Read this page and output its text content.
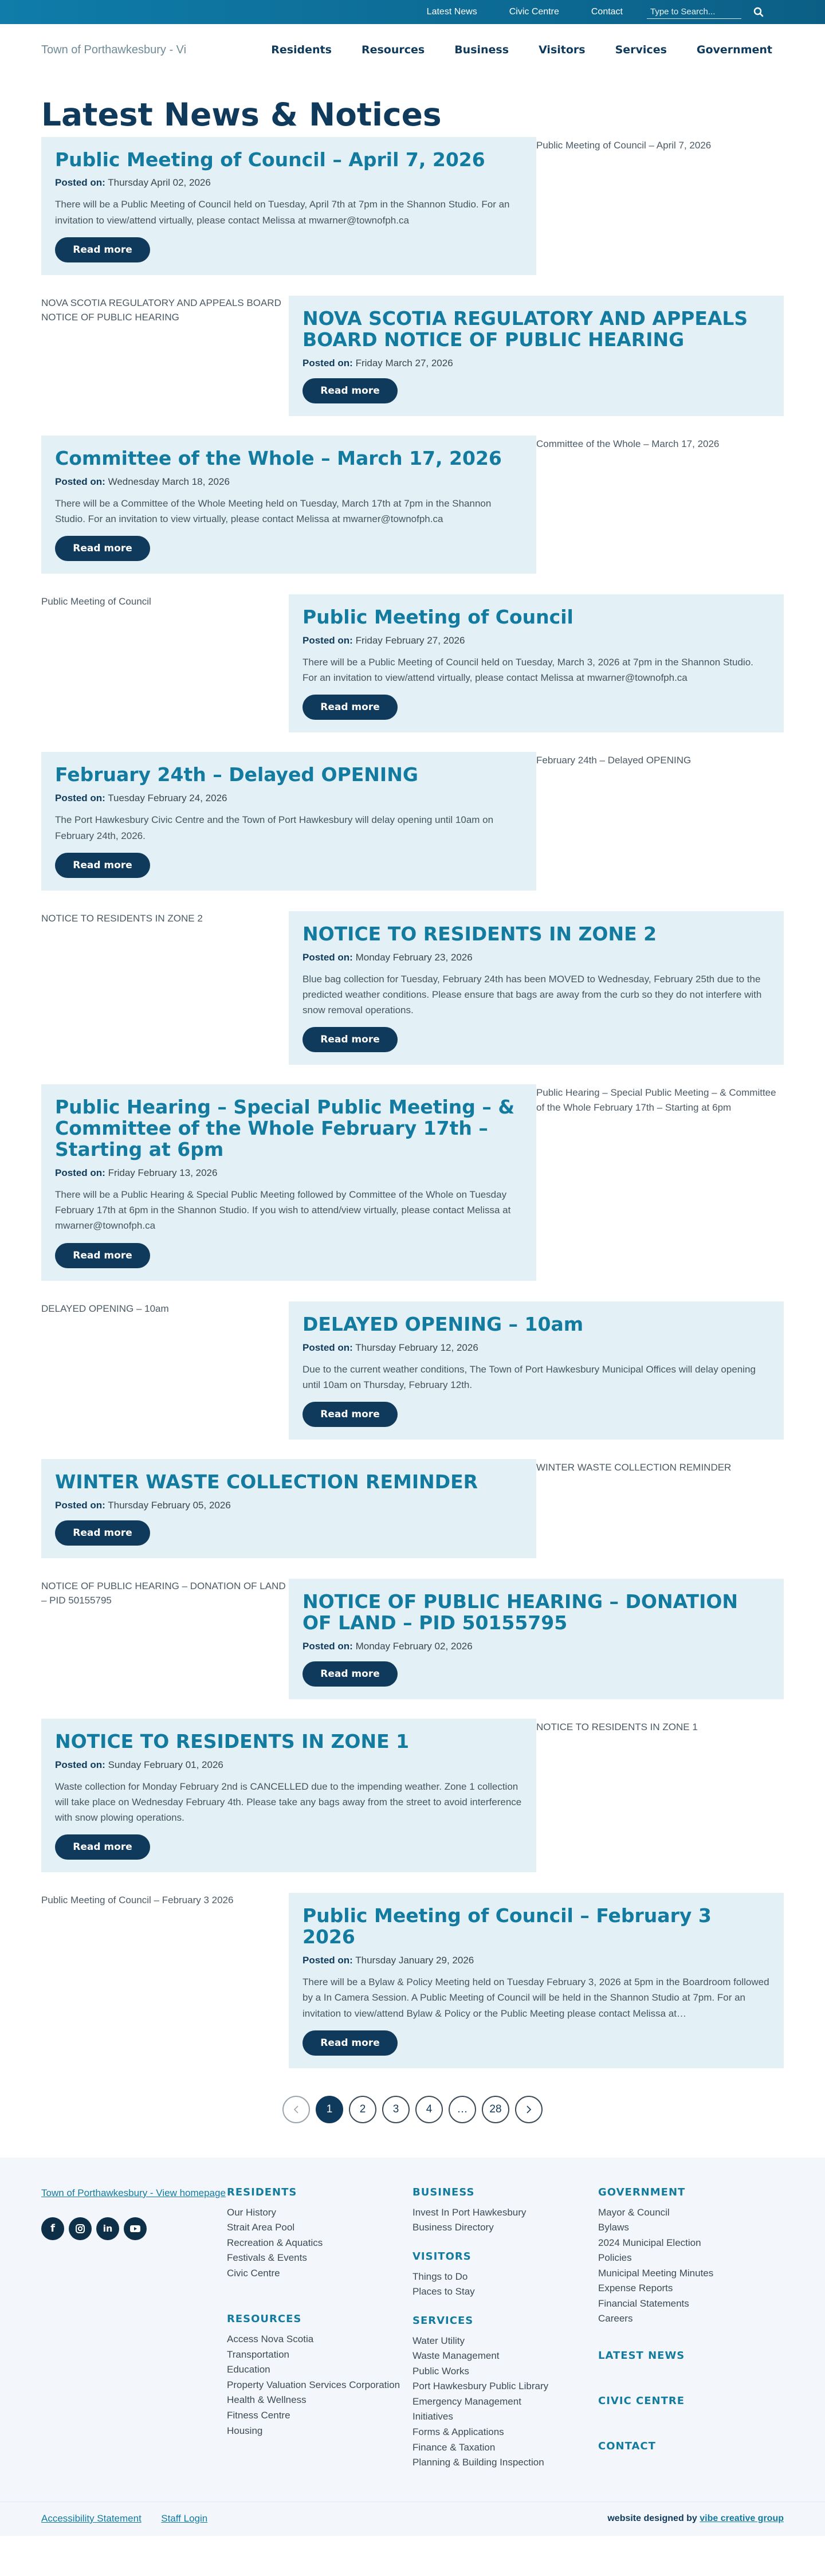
Latest News	Civic Centre	Contact
Type to Search...
Town of Porthawkesbury - Vi	Residents	Resources	Business	Visitors	Services	Government
Latest News & Notices
Public Meeting of Council – April 7, 2026
Posted on: Thursday April 02, 2026

There will be a Public Meeting of Council held on Tuesday, April 7th at 7pm in the Shannon Studio. For an invitation to view/attend virtually, please contact Melissa at mwarner@townofph.ca

Read more
Public Meeting of Council – April 7, 2026
NOVA SCOTIA REGULATORY AND APPEALS BOARD NOTICE OF PUBLIC HEARING	NOVA SCOTIA REGULATORY AND APPEALS BOARD NOTICE OF PUBLIC HEARING
Posted on: Friday March 27, 2026
Read more
Committee of the Whole – March 17, 2026
Posted on: Wednesday March 18, 2026

There will be a Committee of the Whole Meeting held on Tuesday, March 17th at 7pm in the Shannon Studio. For an invitation to view virtually, please contact Melissa at mwarner@townofph.ca

Read more
Committee of the Whole – March 17, 2026
Public Meeting of Council
Public Meeting of Council
Posted on: Friday February 27, 2026

There will be a Public Meeting of Council held on Tuesday, March 3, 2026 at 7pm in the Shannon Studio. For an invitation to view/attend virtually, please contact Melissa at mwarner@townofph.ca

Read more
February 24th – Delayed OPENING
Posted on: Tuesday February 24, 2026

The Port Hawkesbury Civic Centre and the Town of Port Hawkesbury will delay opening until 10am on February 24th, 2026.

Read more
February 24th – Delayed OPENING
NOTICE TO RESIDENTS IN ZONE 2
NOTICE TO RESIDENTS IN ZONE 2
Posted on: Monday February 23, 2026

Blue bag collection for Tuesday, February 24th has been MOVED to Wednesday, February 25th due to the predicted weather conditions. Please ensure that bags are away from the curb so they do not interfere with snow removal operations.

Read more
Public Hearing – Special Public Meeting – & Committee of the Whole February 17th – Starting at 6pm
Posted on: Friday February 13, 2026

There will be a Public Hearing & Special Public Meeting followed by Committee of the Whole on Tuesday February 17th at 6pm in the Shannon Studio. If you wish to attend/view virtually, please contact Melissa at mwarner@townofph.ca

Read more
Public Hearing – Special Public Meeting – & Committee of the Whole February 17th – Starting at 6pm
DELAYED OPENING – 10am
DELAYED OPENING – 10am
Posted on: Thursday February 12, 2026

Due to the current weather conditions, The Town of Port Hawkesbury Municipal Offices will delay opening until 10am on Thursday, February 12th.

Read more
WINTER WASTE COLLECTION REMINDER
Posted on: Thursday February 05, 2026
Read more
WINTER WASTE COLLECTION REMINDER
NOTICE OF PUBLIC HEARING – DONATION OF LAND – PID 50155795	NOTICE OF PUBLIC HEARING – DONATION OF LAND – PID 50155795
Posted on: Monday February 02, 2026
Read more
NOTICE TO RESIDENTS IN ZONE 1
Posted on: Sunday February 01, 2026

Waste collection for Monday February 2nd is CANCELLED due to the impending weather. Zone 1 collection will take place on Wednesday February 4th. Please take any bags away from the street to avoid interference with snow plowing operations.

Read more
NOTICE TO RESIDENTS IN ZONE 1
Public Meeting of Council – February 3 2026
Public Meeting of Council – February 3 2026
Posted on: Thursday January 29, 2026

There will be a Bylaw & Policy Meeting held on Tuesday February 3, 2026 at 5pm in the Boardroom followed by a In Camera Session. A Public Meeting of Council will be held in the Shannon Studio at 7pm. For an invitation to view/attend Bylaw & Policy or the Public Meeting please contact Melissa at…

Read more
1	2	3	4	…	28
Town of Porthawkesbury - View homepage
f	in
RESIDENTS
Our History
Strait Area Pool
Recreation & Aquatics
Festivals & Events
Civic Centre
RESOURCES
Access Nova Scotia
Transportation
Education
Property Valuation Services Corporation
Health & Wellness
Fitness Centre
Housing
BUSINESS
Invest In Port Hawkesbury
Business Directory
VISITORS
Things to Do
Places to Stay
SERVICES
Water Utility
Waste Management
Public Works
Port Hawkesbury Public Library
Emergency Management
Initiatives
Forms & Applications
Finance & Taxation
Planning & Building Inspection
GOVERNMENT
Mayor & Council
Bylaws
2024 Municipal Election
Policies
Municipal Meeting Minutes
Expense Reports
Financial Statements
Careers
LATEST NEWS
CIVIC CENTRE
CONTACT
Accessibility Statement Staff Login	website designed by vibe creative group
